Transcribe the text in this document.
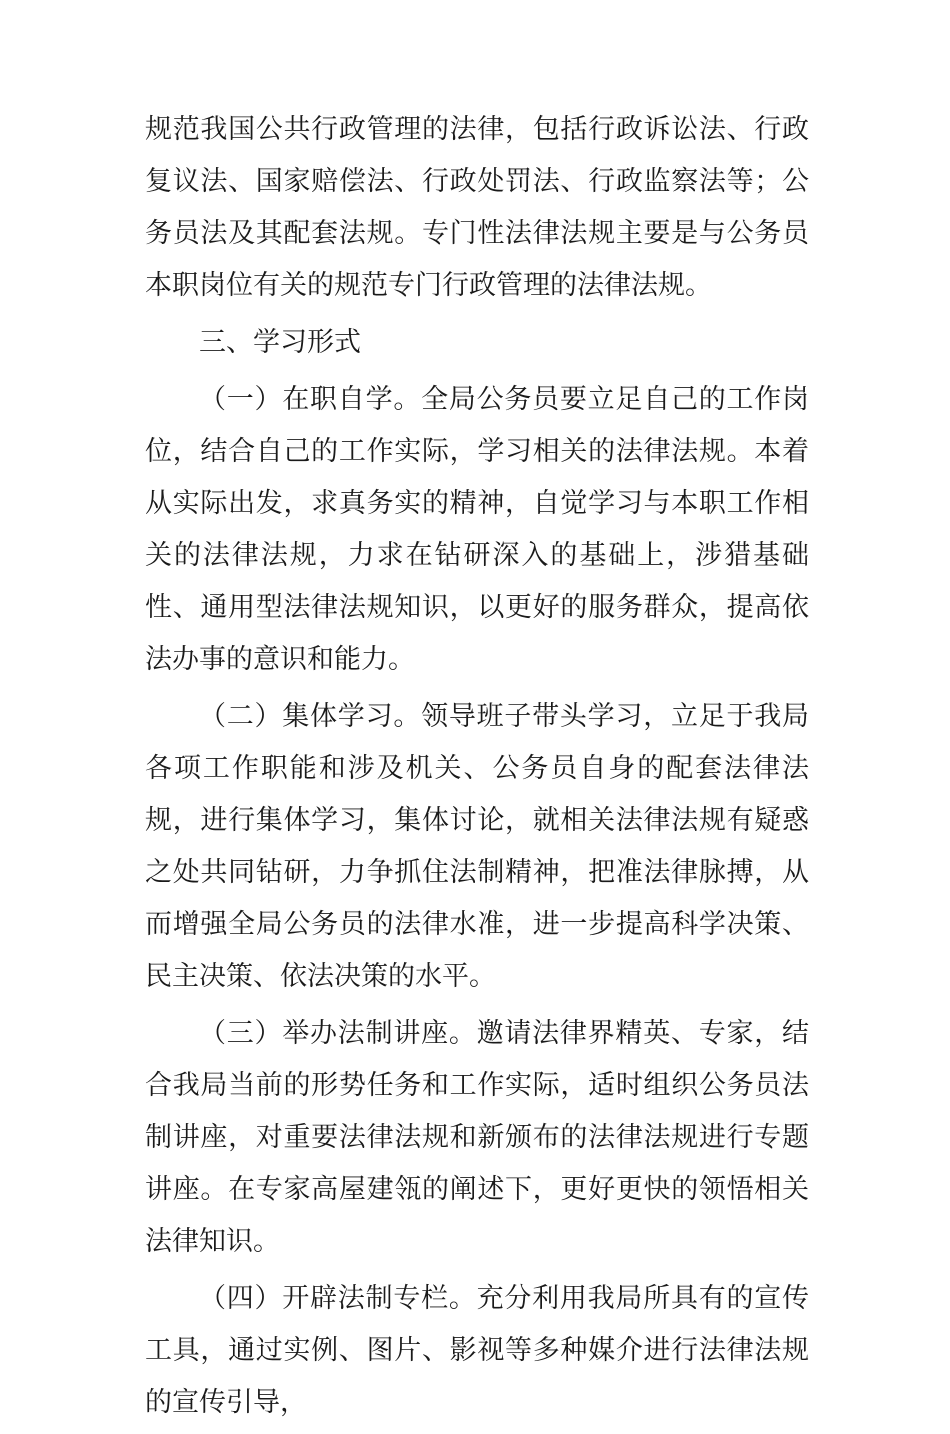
规范我国公共行政管理的法律，包括行政诉讼法、行政复议法、国家赔偿法、行政处罚法、行政监察法等；公务员法及其配套法规。专门性法律法规主要是与公务员本职岗位有关的规范专门行政管理的法律法规。

三、学习形式

（一）在职自学。全局公务员要立足自己的工作岗位，结合自己的工作实际，学习相关的法律法规。本着从实际出发，求真务实的精神，自觉学习与本职工作相关的法律法规，力求在钻研深入的基础上，涉猎基础性、通用型法律法规知识，以更好的服务群众，提高依法办事的意识和能力。

（二）集体学习。领导班子带头学习，立足于我局各项工作职能和涉及机关、公务员自身的配套法律法规，进行集体学习，集体讨论，就相关法律法规有疑惑之处共同钻研，力争抓住法制精神，把准法律脉搏，从而增强全局公务员的法律水准，进一步提高科学决策、民主决策、依法决策的水平。

（三）举办法制讲座。邀请法律界精英、专家，结合我局当前的形势任务和工作实际，适时组织公务员法制讲座，对重要法律法规和新颁布的法律法规进行专题讲座。在专家高屋建瓴的阐述下，更好更快的领悟相关法律知识。

（四）开辟法制专栏。充分利用我局所具有的宣传工具，通过实例、图片、影视等多种媒介进行法律法规的宣传引导，
